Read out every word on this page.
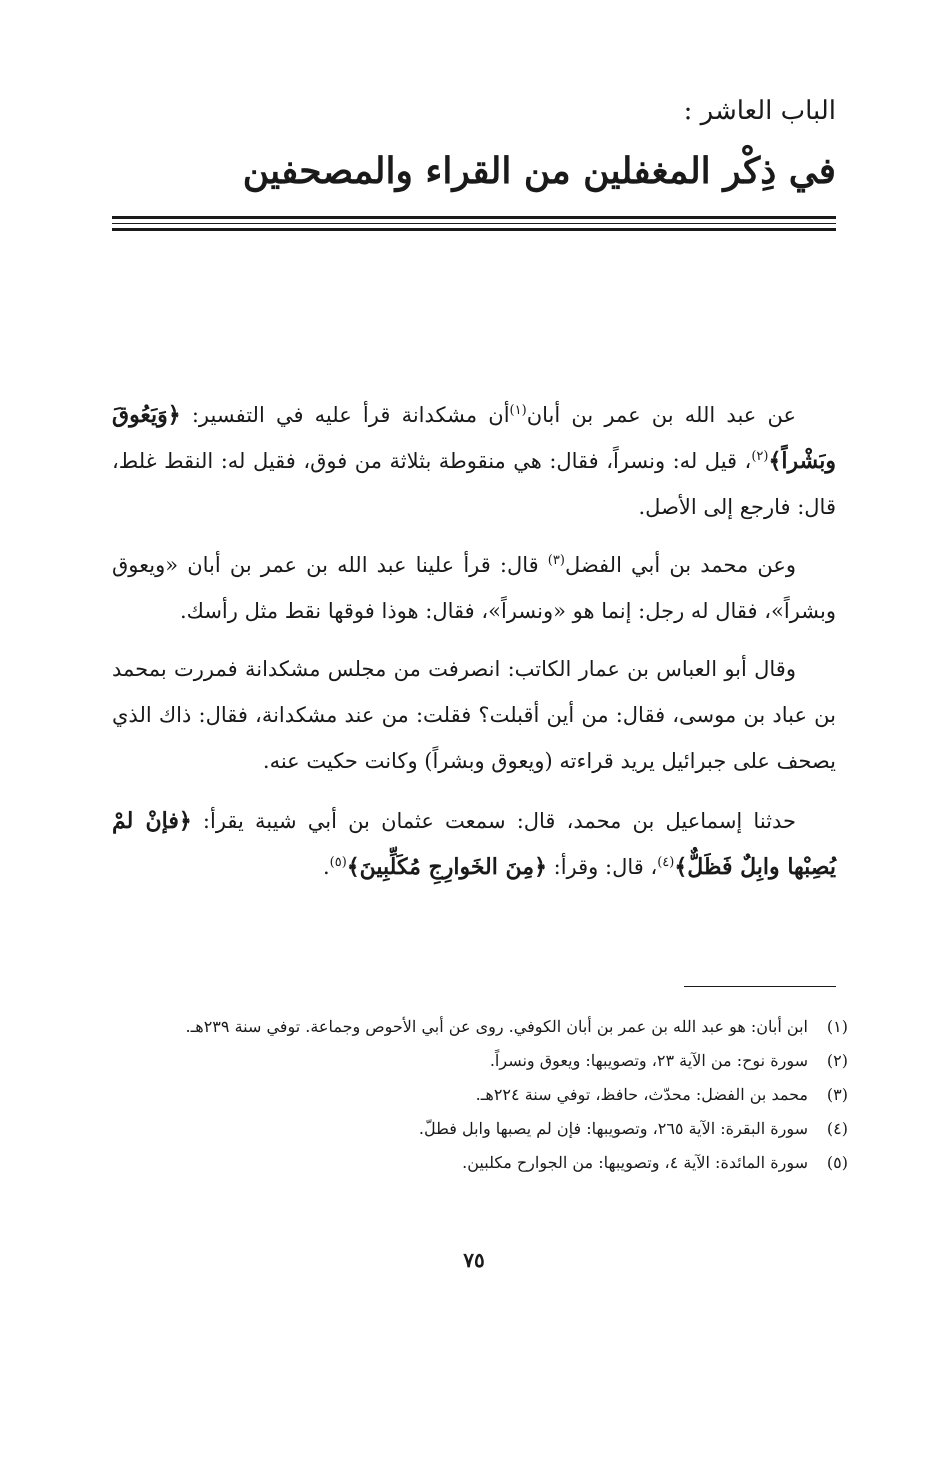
الباب العاشر :
في ذِكْر المغفلين من القراء والمصحفين

عن عبد الله بن عمر بن أبان$^{(١)}$أن مشكدانة قرأ عليه في التفسير: ﴿وَيَعُوقَ وبَشْراً﴾$^{(٢)}$، قيل له: ونسراً، فقال: هي منقوطة بثلاثة من فوق، فقيل له: النقط غلط، قال: فارجع إلى الأصل.

وعن محمد بن أبي الفضل$^{(٣)}$ قال: قرأ علينا عبد الله بن عمر بن أبان «ويعوق وبشراً»، فقال له رجل: إنما هو «ونسراً»، فقال: هوذا فوقها نقط مثل رأسك.

وقال أبو العباس بن عمار الكاتب: انصرفت من مجلس مشكدانة فمررت بمحمد بن عباد بن موسى، فقال: من أين أقبلت؟ فقلت: من عند مشكدانة، فقال: ذاك الذي يصحف على جبرائيل يريد قراءته (ويعوق وبشراً) وكانت حكيت عنه.

حدثنا إسماعيل بن محمد، قال: سمعت عثمان بن أبي شيبة يقرأ: ﴿فإنْ لمْ يُصِبْها وابِلٌ فَظَلٌّ﴾$^{(٤)}$، قال: وقرأ: ﴿مِنَ الخَوارِجِ مُكَلِّبِينَ﴾$^{(٥)}$.

(١)
ابن أبان: هو عبد الله بن عمر بن أبان الكوفي. روى عن أبي الأحوص وجماعة. توفي سنة ٢٣٩هـ.
(٢)
سورة نوح: من الآية ٢٣، وتصويبها: ويعوق ونسراً.
(٣)
محمد بن الفضل: محدّث، حافظ، توفي سنة ٢٢٤هـ.
(٤)
سورة البقرة: الآية ٢٦٥، وتصويبها: فإن لم يصبها وابل فطلّ.
(٥)
سورة المائدة: الآية ٤، وتصويبها: من الجوارح مكلبين.
٧٥
